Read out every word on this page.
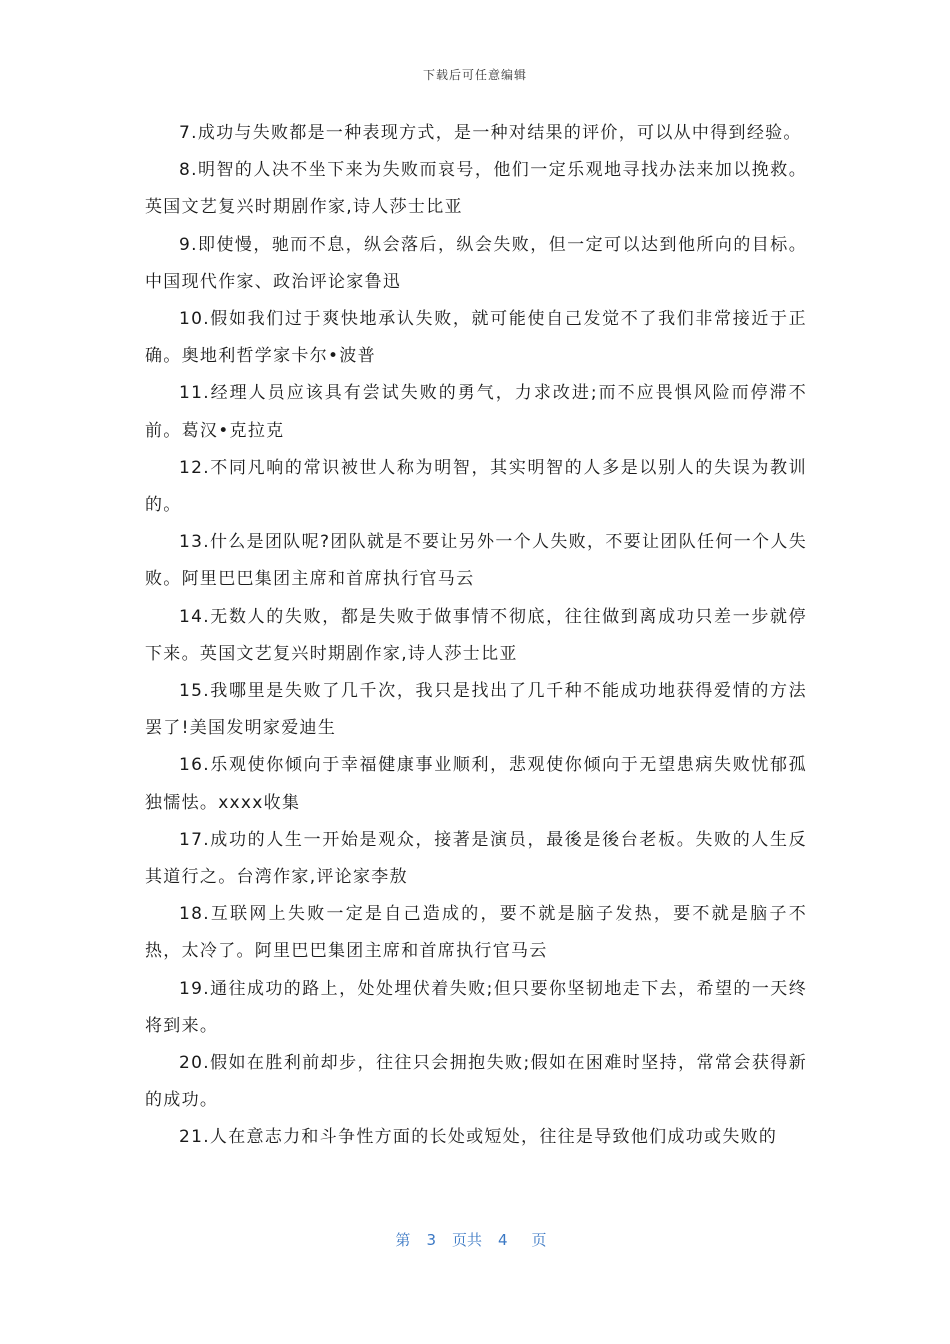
下载后可任意编辑

7.成功与失败都是一种表现方式，是一种对结果的评价，可以从中得到经验。

8.明智的人决不坐下来为失败而哀号，他们一定乐观地寻找办法来加以挽救。英国文艺复兴时期剧作家,诗人莎士比亚

9.即使慢，驰而不息，纵会落后，纵会失败，但一定可以达到他所向的目标。中国现代作家、政治评论家鲁迅

10.假如我们过于爽快地承认失败，就可能使自己发觉不了我们非常接近于正确。奥地利哲学家卡尔•波普

11.经理人员应该具有尝试失败的勇气，力求改进;而不应畏惧风险而停滞不前。葛汉•克拉克

12.不同凡响的常识被世人称为明智，其实明智的人多是以别人的失误为教训的。

13.什么是团队呢?团队就是不要让另外一个人失败，不要让团队任何一个人失败。阿里巴巴集团主席和首席执行官马云

14.无数人的失败，都是失败于做事情不彻底，往往做到离成功只差一步就停下来。英国文艺复兴时期剧作家,诗人莎士比亚

15.我哪里是失败了几千次，我只是找出了几千种不能成功地获得爱情的方法罢了!美国发明家爱迪生

16.乐观使你倾向于幸福健康事业顺利，悲观使你倾向于无望患病失败忧郁孤独懦怯。xxxx收集

17.成功的人生一开始是观众，接著是演员，最後是後台老板。失败的人生反其道行之。台湾作家,评论家李敖

18.互联网上失败一定是自己造成的，要不就是脑子发热，要不就是脑子不热，太冷了。阿里巴巴集团主席和首席执行官马云

19.通往成功的路上，处处埋伏着失败;但只要你坚韧地走下去，希望的一天终将到来。

20.假如在胜利前却步，往往只会拥抱失败;假如在困难时坚持，常常会获得新的成功。

21.人在意志力和斗争性方面的长处或短处，往往是导致他们成功或失败的

第 3 页共 4 页
